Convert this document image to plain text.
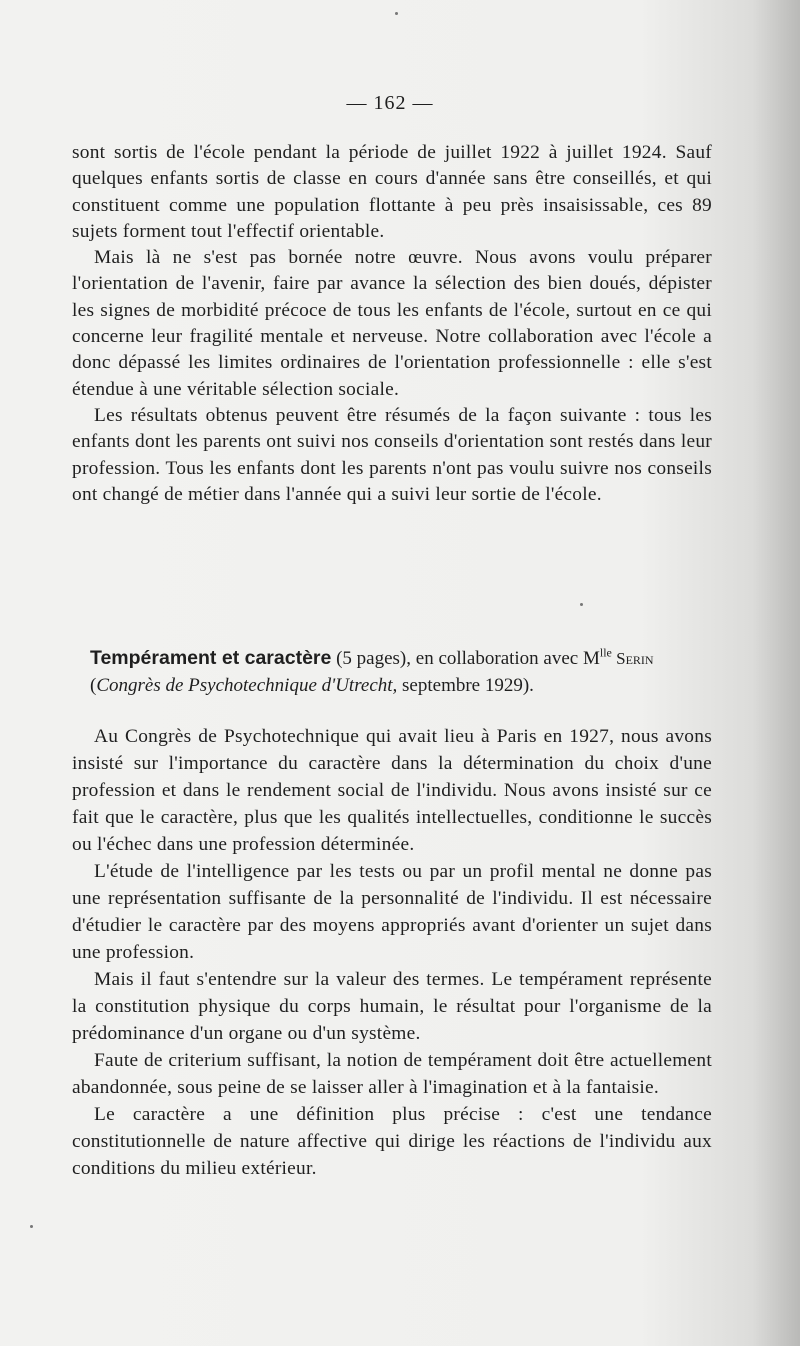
— 162 —

sont sortis de l'école pendant la période de juillet 1922 à juillet 1924. Sauf quelques enfants sortis de classe en cours d'année sans être conseillés, et qui constituent comme une population flottante à peu près insaisissable, ces 89 sujets forment tout l'effectif orientable.

Mais là ne s'est pas bornée notre œuvre. Nous avons voulu préparer l'orientation de l'avenir, faire par avance la sélection des bien doués, dépister les signes de morbidité précoce de tous les enfants de l'école, surtout en ce qui concerne leur fragilité mentale et nerveuse. Notre collaboration avec l'école a donc dépassé les limites ordinaires de l'orientation professionnelle : elle s'est étendue à une véritable sélection sociale.

Les résultats obtenus peuvent être résumés de la façon suivante : tous les enfants dont les parents ont suivi nos conseils d'orientation sont restés dans leur profession. Tous les enfants dont les parents n'ont pas voulu suivre nos conseils ont changé de métier dans l'année qui a suivi leur sortie de l'école.

Tempérament et caractère (5 pages), en collaboration avec $M^{lle}$ Serin
(Congrès de Psychotechnique d'Utrecht, septembre 1929).

Au Congrès de Psychotechnique qui avait lieu à Paris en 1927, nous avons insisté sur l'importance du caractère dans la détermination du choix d'une profession et dans le rendement social de l'individu. Nous avons insisté sur ce fait que le caractère, plus que les qualités intellectuelles, conditionne le succès ou l'échec dans une profession déterminée.

L'étude de l'intelligence par les tests ou par un profil mental ne donne pas une représentation suffisante de la personnalité de l'individu. Il est nécessaire d'étudier le caractère par des moyens appropriés avant d'orienter un sujet dans une profession.

Mais il faut s'entendre sur la valeur des termes. Le tempérament représente la constitution physique du corps humain, le résultat pour l'organisme de la prédominance d'un organe ou d'un système.

Faute de criterium suffisant, la notion de tempérament doit être actuellement abandonnée, sous peine de se laisser aller à l'imagination et à la fantaisie.

Le caractère a une définition plus précise : c'est une tendance constitutionnelle de nature affective qui dirige les réactions de l'individu aux conditions du milieu extérieur.
